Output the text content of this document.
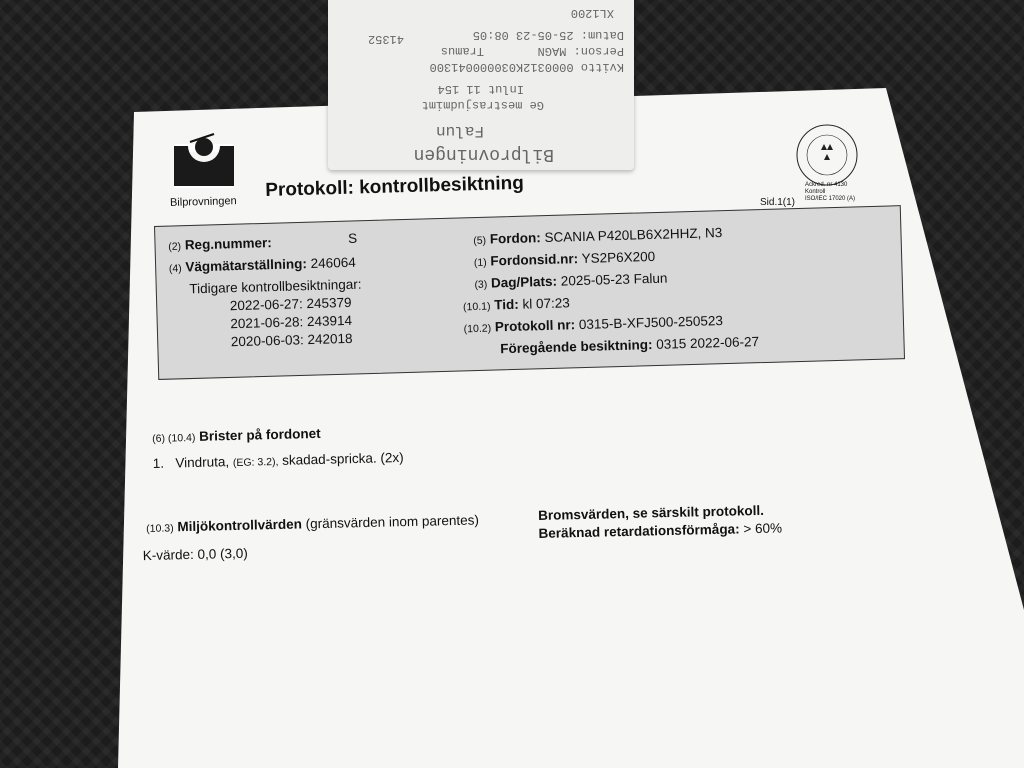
XL1200
Datum: 25-05-23 08:05
Person: MAGN
Tramus
41352
Kvitto 0000312K030000041300
Inlut 11 154
Ge mestrasjudmimt
Falun
Bilprovningen
Bilprovningen
Protokoll: kontrollbesiktning	Ackred. nr 4130
Kontroll
ISO/IEC 17020 (A)
Sid.1(1)
(2) Reg.nummer:	S
(4) Vägmätarställning: 246064
Tidigare kontrollbesiktningar:
2022-06-27: 245379
2021-06-28: 243914
2020-06-03: 242018
(5) Fordon: SCANIA P420LB6X2HHZ, N3
(1) Fordonsid.nr: YS2P6X200
(3) Dag/Plats: 2025-05-23 Falun
(10.1) Tid: kl 07:23
(10.2) Protokoll nr: 0315-B-XFJ500-250523
Föregående besiktning: 0315 2022-06-27
(6) (10.4) Brister på fordonet
1. Vindruta, (EG: 3.2), skadad-spricka. (2x)
(10.3) Miljökontrollvärden (gränsvärden inom parentes)
K-värde: 0,0 (3,0)
Bromsvärden, se särskilt protokoll.
Beräknad retardationsförmåga: > 60%
